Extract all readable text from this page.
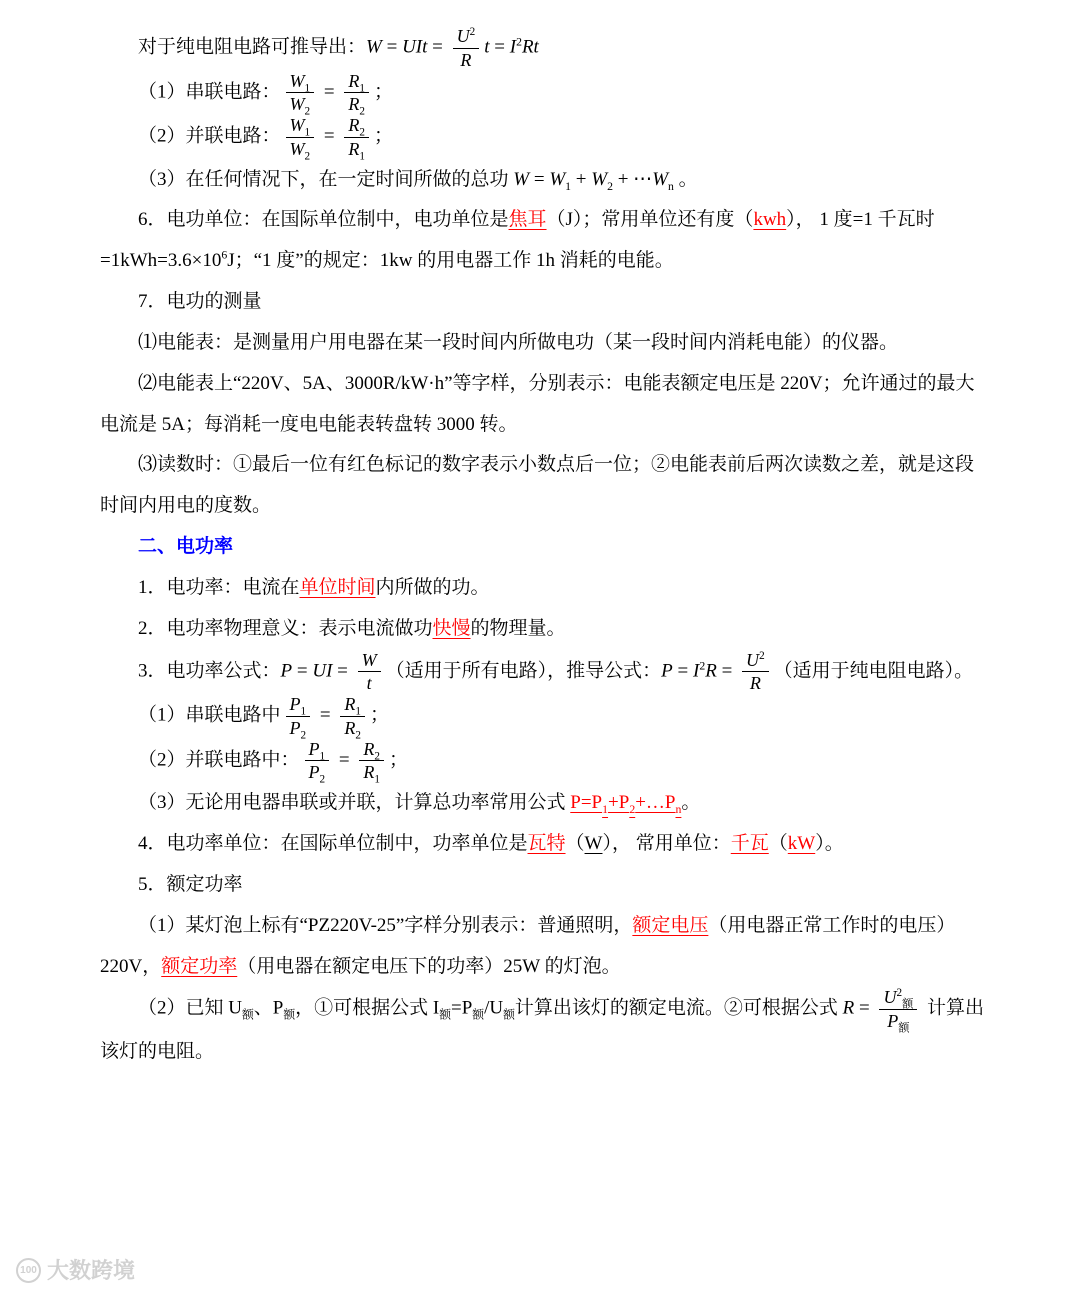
对于纯电阻电路可推导出：W = UIt = $\frac{U^2}{R}$ $t = I^2Rt$
（1）串联电路： $\frac{W_1}{W_2} = \frac{R_1}{R_2}$ ；
（2）并联电路： $\frac{W_1}{W_2} = \frac{R_2}{R_1}$ ；
（3）在任何情况下，在一定时间所做的总功 $W = W_1 + W_2$ + $\cdots W_n$ 。
6．电功单位：在国际单位制中，电功单位是焦耳（J）；常用单位还有度（kwh）， 1 度=1 千瓦时$=1kWh=3.6\times 10^6J$；“1 度”的规定：1kw 的用电器工作 1h 消耗的电能。
7．电功的测量
⑴电能表：是测量用户用电器在某一段时间内所做电功（某一段时间内消耗电能）的仪器。
⑵电能表上“220V、5A、3000R/kW·h”等字样，分别表示：电能表额定电压是 220V；允许通过的最大电流是 5A；每消耗一度电电能表转盘转 3000 转。
⑶读数时：①最后一位有红色标记的数字表示小数点后一位；②电能表前后两次读数之差，就是这段时间内用电的度数。
二、电功率
1．电功率：电流在单位时间内所做的功。
2．电功率物理意义：表示电流做功快慢的物理量。
3．电功率公式：P = UI = $\frac{W}{t}$ （适用于所有电路），推导公式：$P = I^2R = \frac{U^2}{R}$ （适用于纯电阻电路）。
（1）串联电路中 $\frac{P_1}{P_2} = \frac{R_1}{R_2}$ ；
（2）并联电路中： $\frac{P_1}{P_2} = \frac{R_2}{R_1}$ ；
（3）无论用电器串联或并联，计算总功率常用公式 $P=P_1+P_2+\dots P_n$。
4．电功率单位：在国际单位制中，功率单位是瓦特（W）， 常用单位：千瓦（kW）。
5．额定功率
（1）某灯泡上标有“PZ220V-25”字样分别表示：普通照明，额定电压（用电器正常工作时的电压）220V，额定功率（用电器在额定电压下的功率）25W 的灯泡。
（2）已知 $U_额$、$P_额$，①可根据公式 $I_额=P_额/U_额$计算出该灯的额定电流。②可根据公式 $R = \frac{U^2_额}{P_额}$ 计算出
该灯的电阻。
100 大数跨境
